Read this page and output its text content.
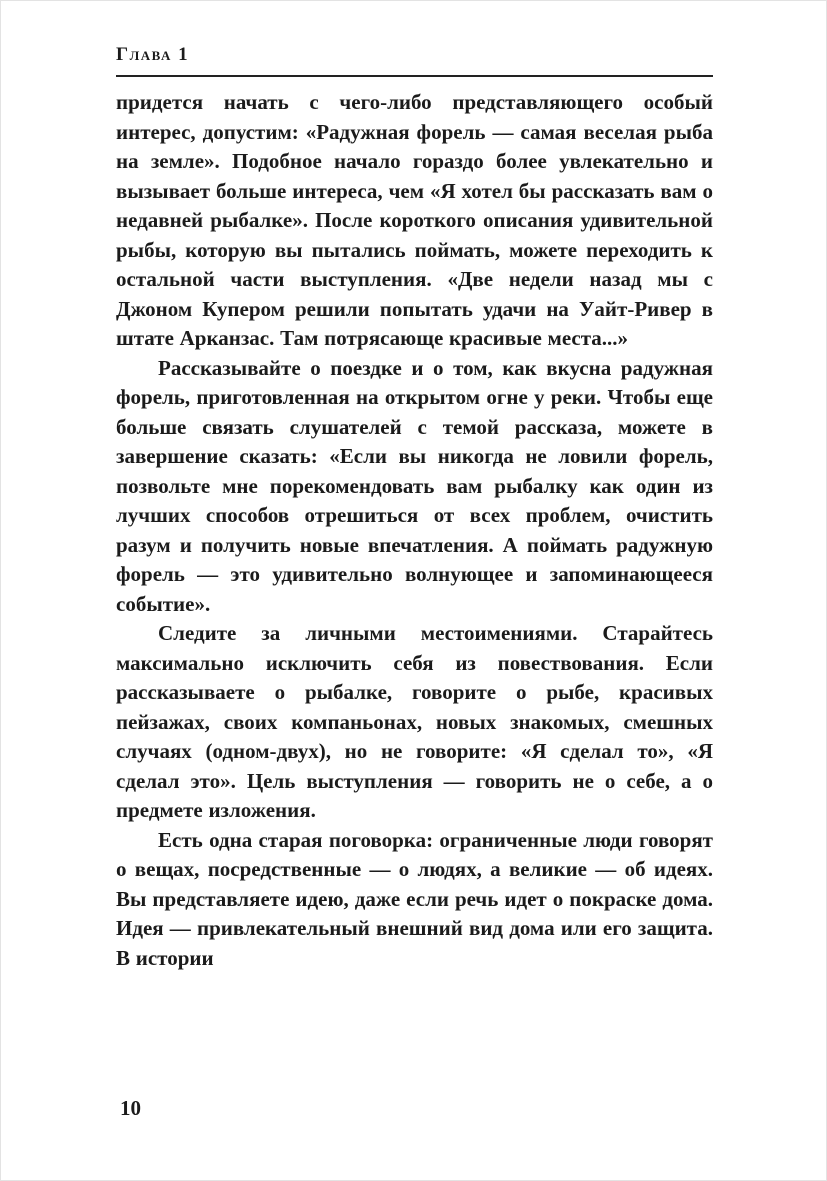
Глава 1

придется начать с чего-либо представляющего особый интерес, допустим: «Радужная форель — самая веселая рыба на земле». Подобное начало гораздо более увлекательно и вызывает больше интереса, чем «Я хотел бы рассказать вам о недавней рыбалке». После короткого описания удивительной рыбы, которую вы пытались поймать, можете переходить к остальной части выступления. «Две недели назад мы с Джоном Купером решили попытать удачи на Уайт-Ривер в штате Арканзас. Там потрясающе красивые места...»

Рассказывайте о поездке и о том, как вкусна радужная форель, приготовленная на открытом огне у реки. Чтобы еще больше связать слушателей с темой рассказа, можете в завершение сказать: «Если вы никогда не ловили форель, позвольте мне порекомендовать вам рыбалку как один из лучших способов отрешиться от всех проблем, очистить разум и получить новые впечатления. А поймать радужную форель — это удивительно волнующее и запоминающееся событие».

Следите за личными местоимениями. Старайтесь максимально исключить себя из повествования. Если рассказываете о рыбалке, говорите о рыбе, красивых пейзажах, своих компаньонах, новых знакомых, смешных случаях (одном-двух), но не говорите: «Я сделал то», «Я сделал это». Цель выступления — говорить не о себе, а о предмете изложения.

Есть одна старая поговорка: ограниченные люди говорят о вещах, посредственные — о людях, а великие — об идеях. Вы представляете идею, даже если речь идет о покраске дома. Идея — привлекательный внешний вид дома или его защита. В истории

10
